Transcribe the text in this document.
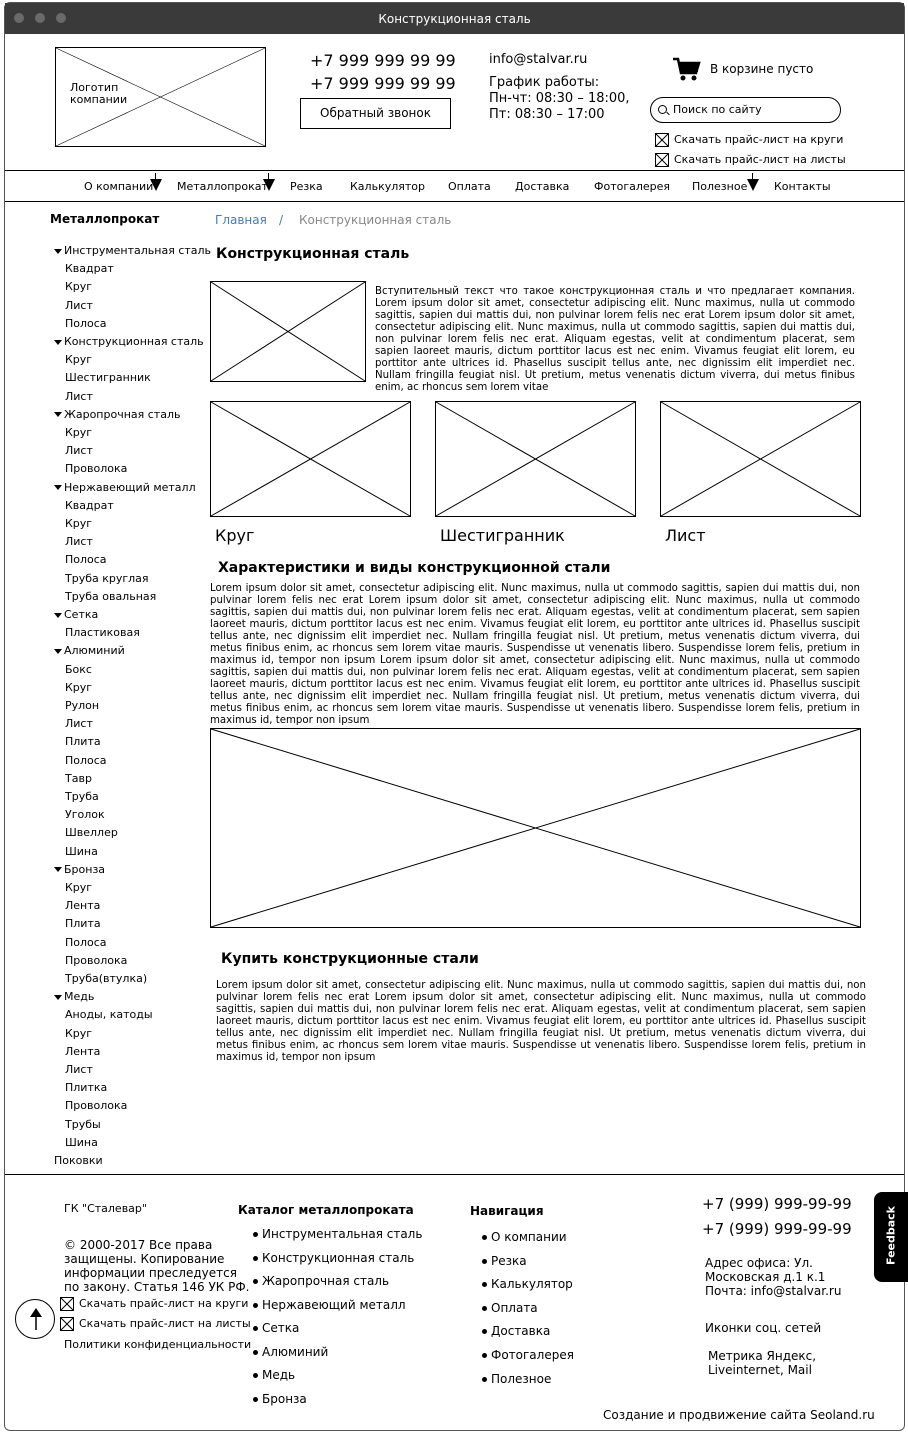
Конструкционная сталь
Логотип компании
+7 999 999 99 99
+7 999 999 99 99
Обратный звонок
info@stalvar.ru
График работы:
Пн-чт: 08:30 – 18:00,
Пт: 08:30 – 17:00
В корзине пусто
Поиск по сайту
Скачать прайс-лист на круги
Скачать прайс-лист на листы
О компании Металлопрокат Резка Калькулятор Оплата Доставка Фотогалерея Полезное Контакты
Металлопрокат
Инструментальная сталь
Квадрат
Круг
Лист
Полоса
Конструкционная сталь
Круг
Шестигранник
Лист
Жаропрочная сталь
Круг
Лист
Проволока
Нержавеющий металл
Квадрат
Круг
Лист
Полоса
Труба круглая
Труба овальная
Сетка
Пластиковая
Алюминий
Бокс
Круг
Рулон
Лист
Плита
Полоса
Тавр
Труба
Уголок
Швеллер
Шина
Бронза
Круг
Лента
Плита
Полоса
Проволока
Труба(втулка)
Медь
Аноды, катоды
Круг
Лента
Лист
Плитка
Проволока
Трубы
Шина
Поковки
Главная / Конструкционная сталь
Конструкционная сталь
Вступительный текст что такое конструкционная сталь и что предлагает компания. Lorem ipsum dolor sit amet, consectetur adipiscing elit. Nunc maximus, nulla ut commodo sagittis, sapien dui mattis dui, non pulvinar lorem felis nec erat Lorem ipsum dolor sit amet, consectetur adipiscing elit. Nunc maximus, nulla ut commodo sagittis, sapien dui mattis dui, non pulvinar lorem felis nec erat. Aliquam egestas, velit at condimentum placerat, sem sapien laoreet mauris, dictum porttitor lacus est nec enim. Vivamus feugiat elit lorem, eu porttitor ante ultrices id. Phasellus suscipit tellus ante, nec dignissim elit imperdiet nec. Nullam fringilla feugiat nisl. Ut pretium, metus venenatis dictum viverra, dui metus finibus enim, ac rhoncus sem lorem vitae
Круг	Шестигранник	Лист
Характеристики и виды конструкционной стали
Lorem ipsum dolor sit amet, consectetur adipiscing elit. Nunc maximus, nulla ut commodo sagittis, sapien dui mattis dui, non pulvinar lorem felis nec erat Lorem ipsum dolor sit amet, consectetur adipiscing elit. Nunc maximus, nulla ut commodo sagittis, sapien dui mattis dui, non pulvinar lorem felis nec erat. Aliquam egestas, velit at condimentum placerat, sem sapien laoreet mauris, dictum porttitor lacus est nec enim. Vivamus feugiat elit lorem, eu porttitor ante ultrices id. Phasellus suscipit tellus ante, nec dignissim elit imperdiet nec. Nullam fringilla feugiat nisl. Ut pretium, metus venenatis dictum viverra, dui metus finibus enim, ac rhoncus sem lorem vitae mauris. Suspendisse ut venenatis libero. Suspendisse lorem felis, pretium in maximus id, tempor non ipsum Lorem ipsum dolor sit amet, consectetur adipiscing elit. Nunc maximus, nulla ut commodo sagittis, sapien dui mattis dui, non pulvinar lorem felis nec erat. Aliquam egestas, velit at condimentum placerat, sem sapien laoreet mauris, dictum porttitor lacus est nec enim. Vivamus feugiat elit lorem, eu porttitor ante ultrices id. Phasellus suscipit tellus ante, nec dignissim elit imperdiet nec. Nullam fringilla feugiat nisl. Ut pretium, metus venenatis dictum viverra, dui metus finibus enim, ac rhoncus sem lorem vitae mauris. Suspendisse ut venenatis libero. Suspendisse lorem felis, pretium in maximus id, tempor non ipsum
Купить конструкционные стали
Lorem ipsum dolor sit amet, consectetur adipiscing elit. Nunc maximus, nulla ut commodo sagittis, sapien dui mattis dui, non pulvinar lorem felis nec erat Lorem ipsum dolor sit amet, consectetur adipiscing elit. Nunc maximus, nulla ut commodo sagittis, sapien dui mattis dui, non pulvinar lorem felis nec erat. Aliquam egestas, velit at condimentum placerat, sem sapien laoreet mauris, dictum porttitor lacus est nec enim. Vivamus feugiat elit lorem, eu porttitor ante ultrices id. Phasellus suscipit tellus ante, nec dignissim elit imperdiet nec. Nullam fringilla feugiat nisl. Ut pretium, metus venenatis dictum viverra, dui metus finibus enim, ac rhoncus sem lorem vitae mauris. Suspendisse ut venenatis libero. Suspendisse lorem felis, pretium in maximus id, tempor non ipsum
ГК "Сталевар"
© 2000-2017 Все права
защищены. Копирование
информации преследуется
по закону. Статья 146 УК РФ.
Скачать прайс-лист на круги
Скачать прайс-лист на листы
Политики конфиденциальности
Каталог металлопроката
Инструментальная сталь
Конструкционная сталь
Жаропрочная сталь
Нержавеющий металл
Сетка
Алюминий
Медь
Бронза
Навигация
О компании
Резка
Калькулятор
Оплата
Доставка
Фотогалерея
Полезное
+7 (999) 999-99-99
+7 (999) 999-99-99
Адрес офиса: Ул.
Московская д.1 к.1
Почта: info@stalvar.ru
Иконки соц. сетей
Метрика Яндекс,
Liveinternet, Mail
Создание и продвижение сайта Seoland.ru
Feedback
